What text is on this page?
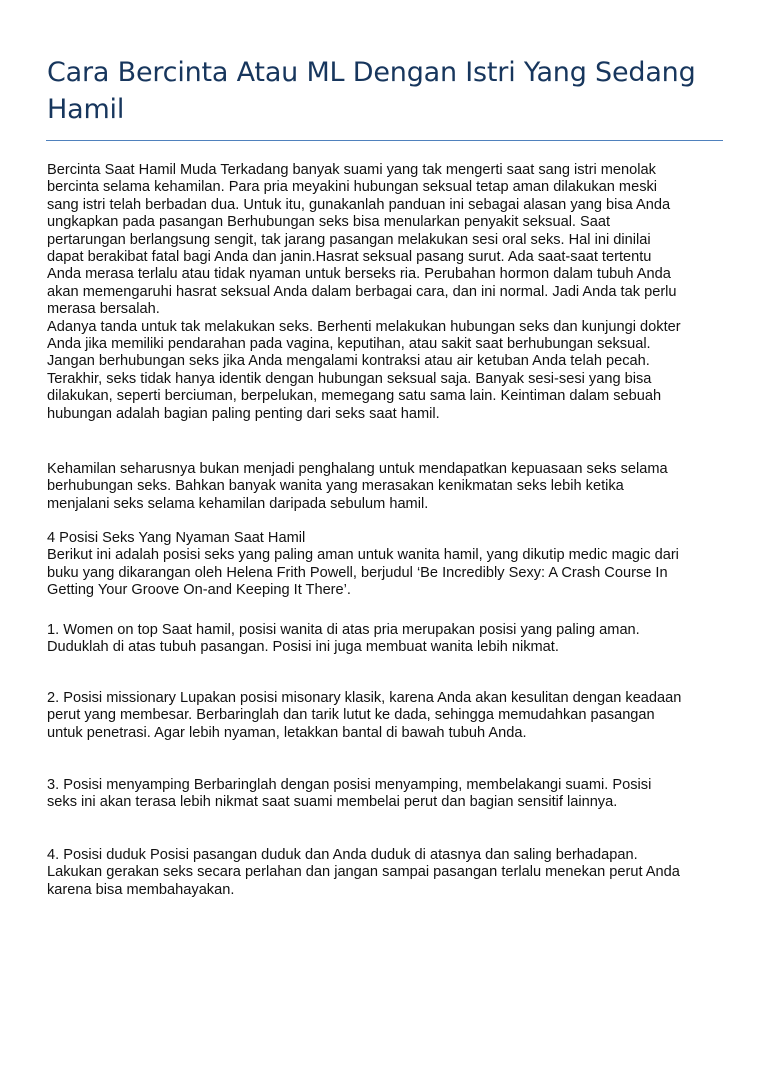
Cara Bercinta Atau ML Dengan Istri Yang Sedang Hamil

Bercinta Saat Hamil Muda Terkadang banyak suami yang tak mengerti saat sang istri menolak
bercinta selama kehamilan. Para pria meyakini hubungan seksual tetap aman dilakukan meski
sang istri telah berbadan dua. Untuk itu, gunakanlah panduan ini sebagai alasan yang bisa Anda
ungkapkan pada pasangan Berhubungan seks bisa menularkan penyakit seksual. Saat
pertarungan berlangsung sengit, tak jarang pasangan melakukan sesi oral seks. Hal ini dinilai
dapat berakibat fatal bagi Anda dan janin.Hasrat seksual pasang surut. Ada saat-saat tertentu
Anda merasa terlalu atau tidak nyaman untuk berseks ria. Perubahan hormon dalam tubuh Anda
akan memengaruhi hasrat seksual Anda dalam berbagai cara, dan ini normal. Jadi Anda tak perlu
merasa bersalah.
Adanya tanda untuk tak melakukan seks. Berhenti melakukan hubungan seks dan kunjungi dokter
Anda jika memiliki pendarahan pada vagina, keputihan, atau sakit saat berhubungan seksual.
Jangan berhubungan seks jika Anda mengalami kontraksi atau air ketuban Anda telah pecah.
Terakhir, seks tidak hanya identik dengan hubungan seksual saja. Banyak sesi-sesi yang bisa
dilakukan, seperti berciuman, berpelukan, memegang satu sama lain. Keintiman dalam sebuah
hubungan adalah bagian paling penting dari seks saat hamil.

Kehamilan seharusnya bukan menjadi penghalang untuk mendapatkan kepuasaan seks selama
berhubungan seks. Bahkan banyak wanita yang merasakan kenikmatan seks lebih ketika
menjalani seks selama kehamilan daripada sebulum hamil.

4 Posisi Seks Yang Nyaman Saat Hamil
Berikut ini adalah posisi seks yang paling aman untuk wanita hamil, yang dikutip medic magic dari
buku yang dikarangan oleh Helena Frith Powell, berjudul ‘Be Incredibly Sexy: A Crash Course In
Getting Your Groove On-and Keeping It There’.

1. Women on top Saat hamil, posisi wanita di atas pria merupakan posisi yang paling aman.
Duduklah di atas tubuh pasangan. Posisi ini juga membuat wanita lebih nikmat.

2. Posisi missionary Lupakan posisi misonary klasik, karena Anda akan kesulitan dengan keadaan
perut yang membesar. Berbaringlah dan tarik lutut ke dada, sehingga memudahkan pasangan
untuk penetrasi. Agar lebih nyaman, letakkan bantal di bawah tubuh Anda.

3. Posisi menyamping Berbaringlah dengan posisi menyamping, membelakangi suami. Posisi
seks ini akan terasa lebih nikmat saat suami membelai perut dan bagian sensitif lainnya.

4. Posisi duduk Posisi pasangan duduk dan Anda duduk di atasnya dan saling berhadapan.
Lakukan gerakan seks secara perlahan dan jangan sampai pasangan terlalu menekan perut Anda
karena bisa membahayakan.
